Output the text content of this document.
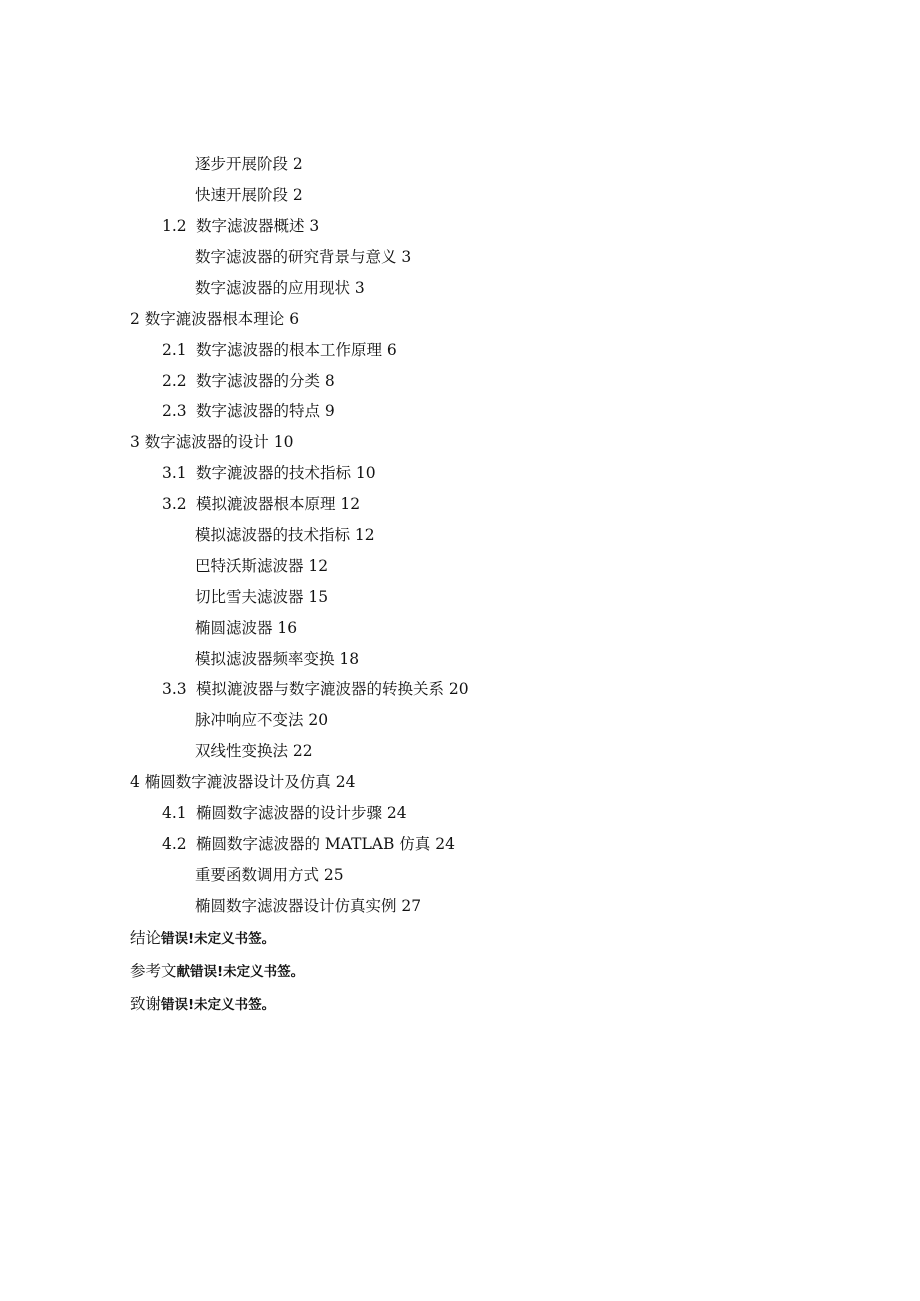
逐步开展阶段 2
快速开展阶段 2
1.2 数字滤波器概述 3
数字滤波器的研究背景与意义 3
数字滤波器的应用现状 3
2 数字漉波器根本理论 6
2.1 数字滤波器的根本工作原理 6
2.2 数字滤波器的分类 8
2.3 数字滤波器的特点 9
3 数字滤波器的设计 10
3.1 数字漉波器的技术指标 10
3.2 模拟漉波器根本原理 12
模拟滤波器的技术指标 12
巴特沃斯滤波器 12
切比雪夫滤波器 15
椭圆滤波器 16
模拟滤波器频率变换 18
3.3 模拟漉波器与数字漉波器的转换关系 20
脉冲响应不变法 20
双线性变换法 22
4 椭圆数字漉波器设计及仿真 24
4.1 椭圆数字滤波器的设计步骤 24
4.2 椭圆数字滤波器的 MATLAB 仿真 24
重要函数调用方式 25
椭圆数字滤波器设计仿真实例 27
结论错误!未定义书签。
参考文献错误!未定义书签。
致谢错误!未定义书签。
